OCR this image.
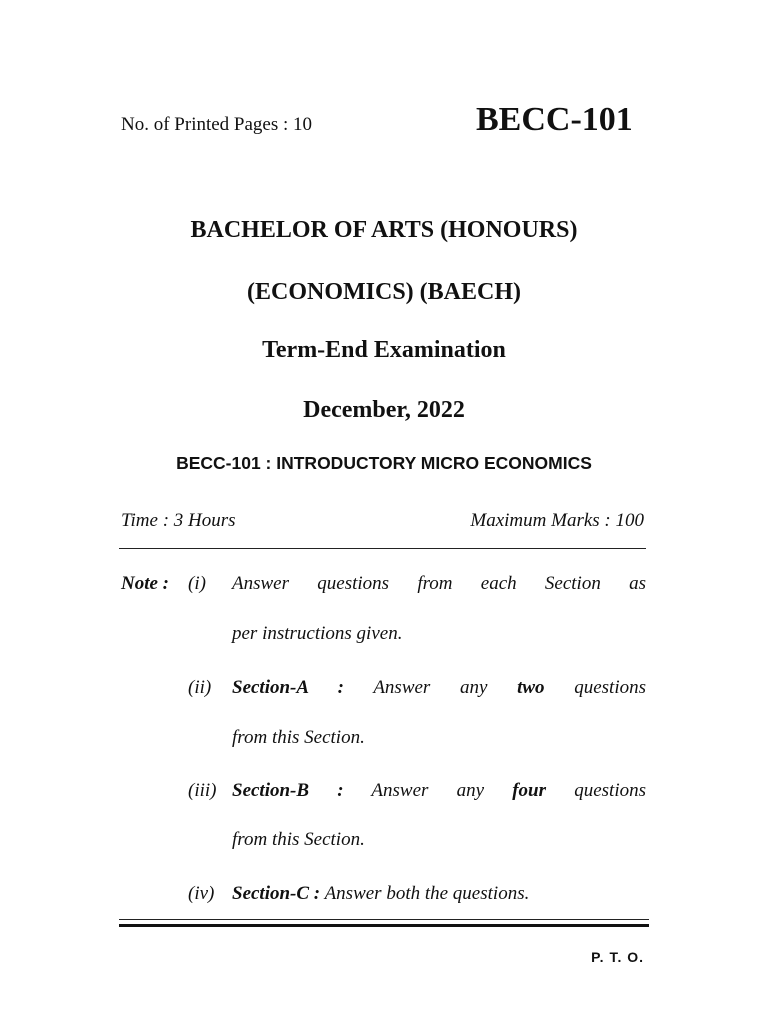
No. of Printed Pages : 10	BECC-101
BACHELOR OF ARTS (HONOURS)
(ECONOMICS) (BAECH)
Term-End Examination
December, 2022
BECC-101 : INTRODUCTORY MICRO ECONOMICS
Time : 3 Hours	Maximum Marks : 100
Note : (i) Answer questions from each Section as
per instructions given.
(ii) Section-A : Answer any two questions
from this Section.
(iii) Section-B : Answer any four questions
from this Section.
(iv) Section-C : Answer both the questions.
P. T. O.
